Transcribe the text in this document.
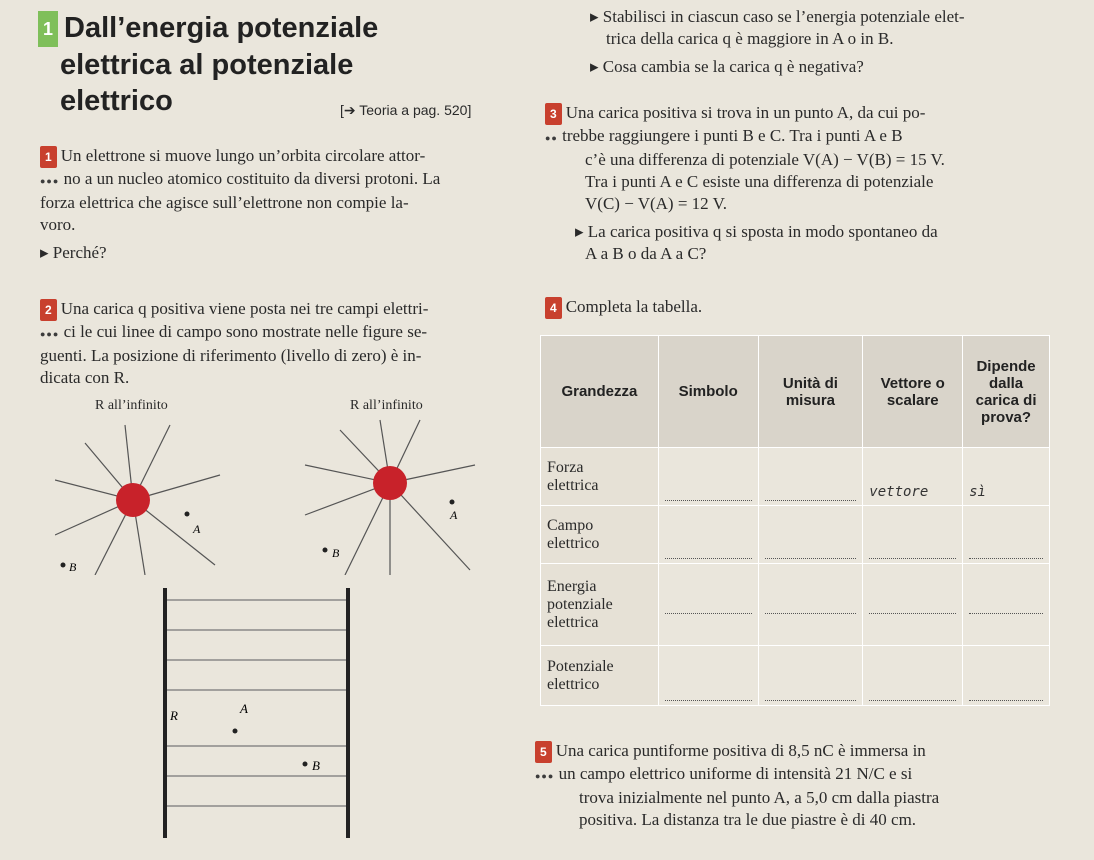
1 Dall’energia potenziale
elettrica al potenziale
elettrico	[➔ Teoria a pag. 520]
▸ Stabilisci in ciascun caso se l’energia potenziale elet-
trica della carica q è maggiore in A o in B.
▸ Cosa cambia se la carica q è negativa?
1 Un elettrone si muove lungo un’orbita circolare attor-
●●● no a un nucleo atomico costituito da diversi protoni. La
forza elettrica che agisce sull’elettrone non compie la-
voro.
▸ Perché?
2 Una carica q positiva viene posta nei tre campi elettri-
●●● ci le cui linee di campo sono mostrate nelle figure se-
guenti. La posizione di riferimento (livello di zero) è in-
dicata con R.
R all’infinito
A
B
R all’infinito
A
B
R	A
B
3 Una carica positiva si trova in un punto A, da cui po-
●● trebbe raggiungere i punti B e C. Tra i punti A e B
c’è una differenza di potenziale V(A) − V(B) = 15 V.
Tra i punti A e C esiste una differenza di potenziale
V(C) − V(A) = 12 V.
▸ La carica positiva q si sposta in modo spontaneo da
A a B o da A a C?
4 Completa la tabella.
Grandezza	Simbolo	Unità di misura	Vettore o scalare	Dipende dalla carica di prova?

Forza
elettrica			vettore	sì

Campo
elettrico				

Energia
potenziale
elettrica				

Potenziale
elettrico				

5 Una carica puntiforme positiva di 8,5 nC è immersa in
●●● un campo elettrico uniforme di intensità 21 N/C e si
trova inizialmente nel punto A, a 5,0 cm dalla piastra
positiva. La distanza tra le due piastre è di 40 cm.
